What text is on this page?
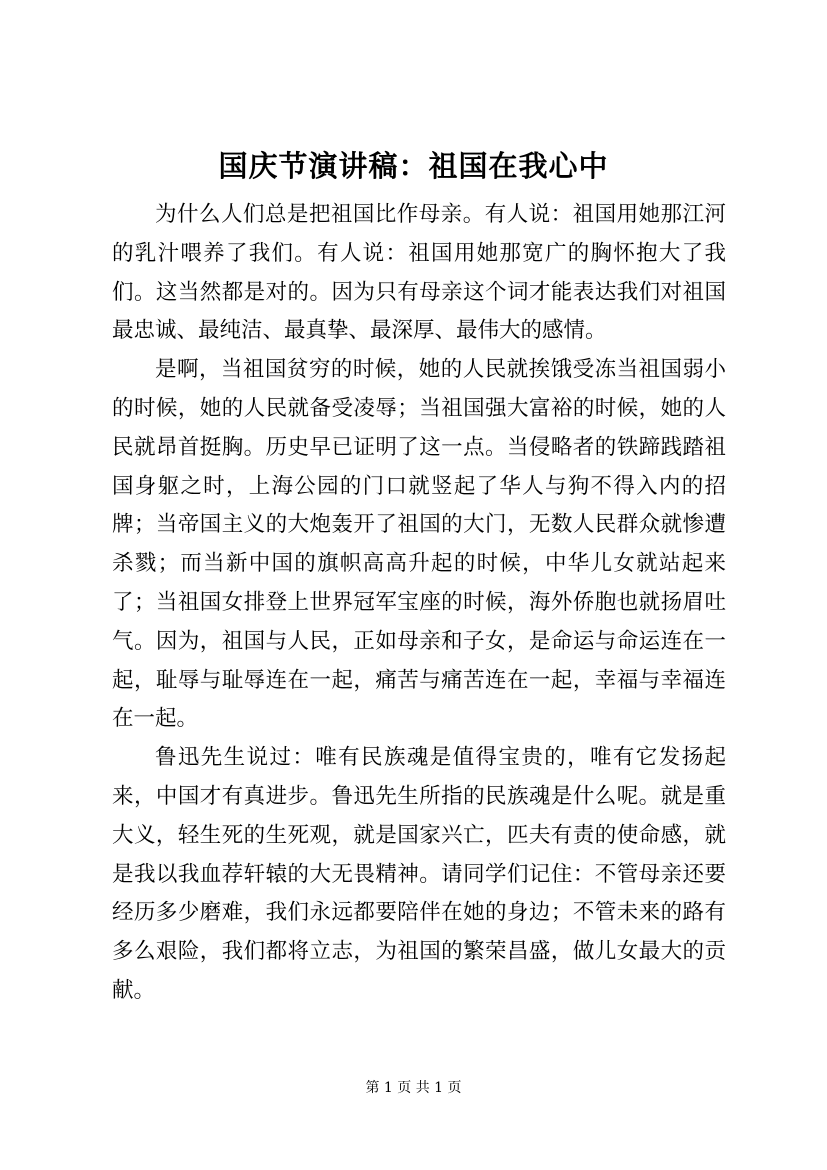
国庆节演讲稿：祖国在我心中

为什么人们总是把祖国比作母亲。有人说：祖国用她那江河的乳汁喂养了我们。有人说：祖国用她那宽广的胸怀抱大了我们。这当然都是对的。因为只有母亲这个词才能表达我们对祖国最忠诚、最纯洁、最真挚、最深厚、最伟大的感情。

是啊，当祖国贫穷的时候，她的人民就挨饿受冻当祖国弱小的时候，她的人民就备受凌辱；当祖国强大富裕的时候，她的人民就昂首挺胸。历史早已证明了这一点。当侵略者的铁蹄践踏祖国身躯之时，上海公园的门口就竖起了华人与狗不得入内的招牌；当帝国主义的大炮轰开了祖国的大门，无数人民群众就惨遭杀戮；而当新中国的旗帜高高升起的时候，中华儿女就站起来了；当祖国女排登上世界冠军宝座的时候，海外侨胞也就扬眉吐气。因为，祖国与人民，正如母亲和子女，是命运与命运连在一起，耻辱与耻辱连在一起，痛苦与痛苦连在一起，幸福与幸福连在一起。

鲁迅先生说过：唯有民族魂是值得宝贵的，唯有它发扬起来，中国才有真进步。鲁迅先生所指的民族魂是什么呢。就是重大义，轻生死的生死观，就是国家兴亡，匹夫有责的使命感，就是我以我血荐轩辕的大无畏精神。请同学们记住：不管母亲还要经历多少磨难，我们永远都要陪伴在她的身边；不管未来的路有多么艰险，我们都将立志，为祖国的繁荣昌盛，做儿女最大的贡献。

第 1 页 共 1 页
